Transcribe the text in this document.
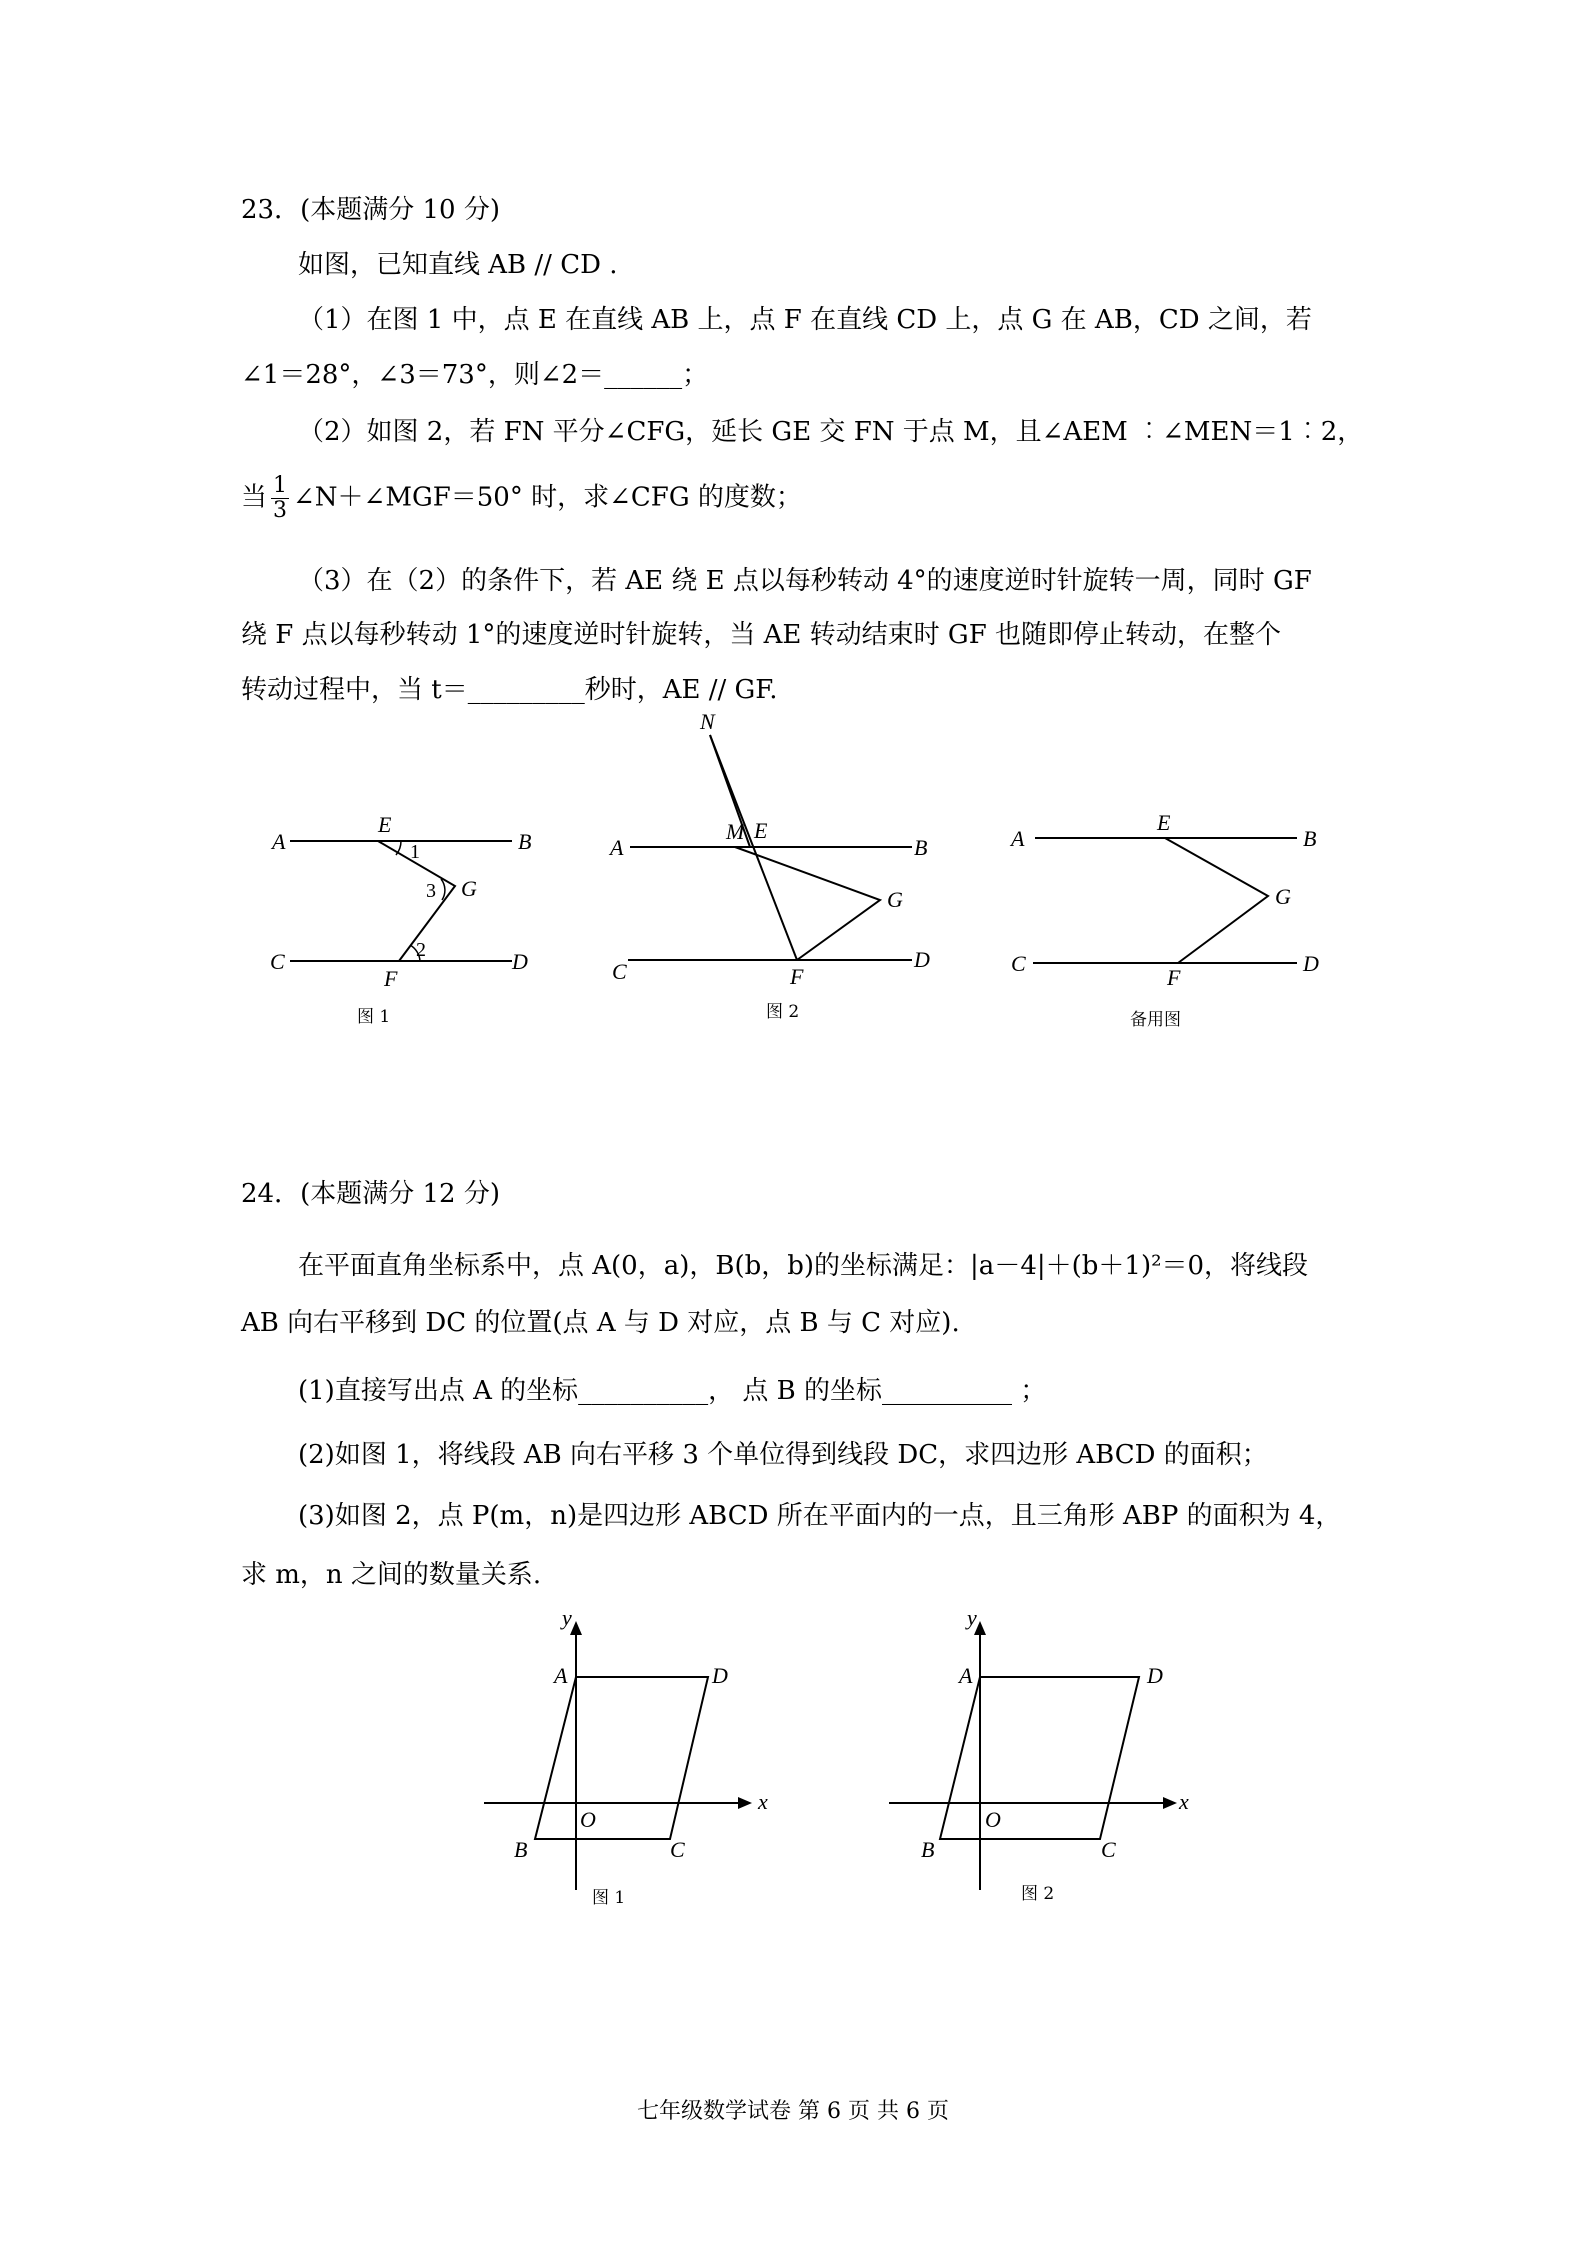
23．(本题满分 10 分)
如图，已知直线 AB // CD .
（1）在图 1 中，点 E 在直线 AB 上，点 F 在直线 CD 上，点 G 在 AB，CD 之间，若
∠1＝28°，∠3＝73°，则∠2＝______；
（2）如图 2，若 FN 平分∠CFG，延长 GE 交 FN 于点 M，且∠AEM ︰∠MEN＝1︰2，
当 $\frac{1}{3}$ ∠N＋∠MGF＝50° 时，求∠CFG 的度数；
（3）在（2）的条件下，若 AE 绕 E 点以每秒转动 4°的速度逆时针旋转一周，同时 GF
绕 F 点以每秒转动 1°的速度逆时针旋转，当 AE 转动结束时 GF 也随即停止转动，在整个
转动过程中，当 t＝_________秒时，AE // GF.
A	B
E
G
C	D
F
1
3
2
图 1
N
M E
A	B
G
C	D
F
图 2
A	B
E
G
C	D
F
备用图
24．(本题满分 12 分)
在平面直角坐标系中，点 A(0，a)，B(b，b)的坐标满足：|a－4|＋(b＋1)²＝0，将线段
AB 向右平移到 DC 的位置(点 A 与 D 对应，点 B 与 C 对应).
(1)直接写出点 A 的坐标__________， 点 B 的坐标__________ ；
(2)如图 1，将线段 AB 向右平移 3 个单位得到线段 DC，求四边形 ABCD 的面积；
(3)如图 2，点 P(m，n)是四边形 ABCD 所在平面内的一点，且三角形 ABP 的面积为 4，
求 m，n 之间的数量关系.
x
y
O
A	D
B	C
图 1
x
y
O
A	D
B	C
图 2
七年级数学试卷 第 6 页 共 6 页
